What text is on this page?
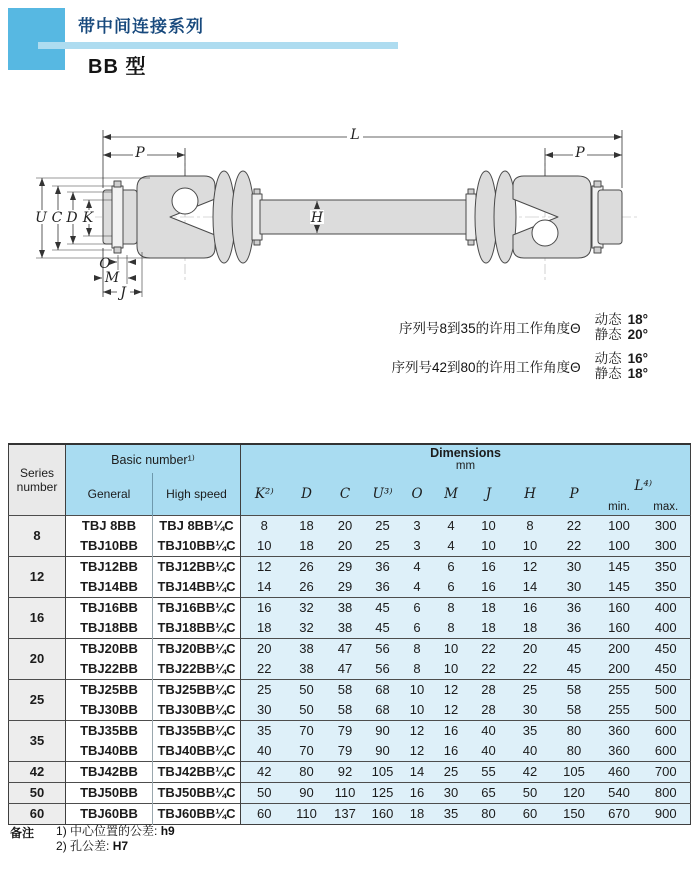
带中间连接系列
BB 型
L
P	P
U C D K	H
O
M
J
序列号8到35的许用工作角度Θ
动态 18°
静态 20°
序列号42到80的许用工作角度Θ
动态 16°
静态 18°
Series number	Basic number¹⁾		Dimensions
mm										

	General	High speed	K²⁾	D	C	U³⁾	O	M	J	H	P	L⁴⁾	
												min.	max.
8	TBJ 8BB	TBJ 8BB¼C	8	18	20	25	3	4	10	8	22	100	300
	TBJ10BB	TBJ10BB¼C	10	18	20	25	3	4	10	10	22	100	300
12	TBJ12BB	TBJ12BB¼C	12	26	29	36	4	6	16	12	30	145	350
	TBJ14BB	TBJ14BB¼C	14	26	29	36	4	6	16	14	30	145	350
16	TBJ16BB	TBJ16BB¼C	16	32	38	45	6	8	18	16	36	160	400
	TBJ18BB	TBJ18BB¼C	18	32	38	45	6	8	18	18	36	160	400
20	TBJ20BB	TBJ20BB¼C	20	38	47	56	8	10	22	20	45	200	450
	TBJ22BB	TBJ22BB¼C	22	38	47	56	8	10	22	22	45	200	450
25	TBJ25BB	TBJ25BB¼C	25	50	58	68	10	12	28	25	58	255	500
	TBJ30BB	TBJ30BB¼C	30	50	58	68	10	12	28	30	58	255	500
35	TBJ35BB	TBJ35BB¼C	35	70	79	90	12	16	40	35	80	360	600
	TBJ40BB	TBJ40BB¼C	40	70	79	90	12	16	40	40	80	360	600
42	TBJ42BB	TBJ42BB¼C	42	80	92	105	14	25	55	42	105	460	700
50	TBJ50BB	TBJ50BB¼C	50	90	110	125	16	30	65	50	120	540	800
60	TBJ60BB	TBJ60BB¼C	60	110	137	160	18	35	80	60	150	670	900
备注 1) 中心位置的公差: h9
2) 孔公差: H7
